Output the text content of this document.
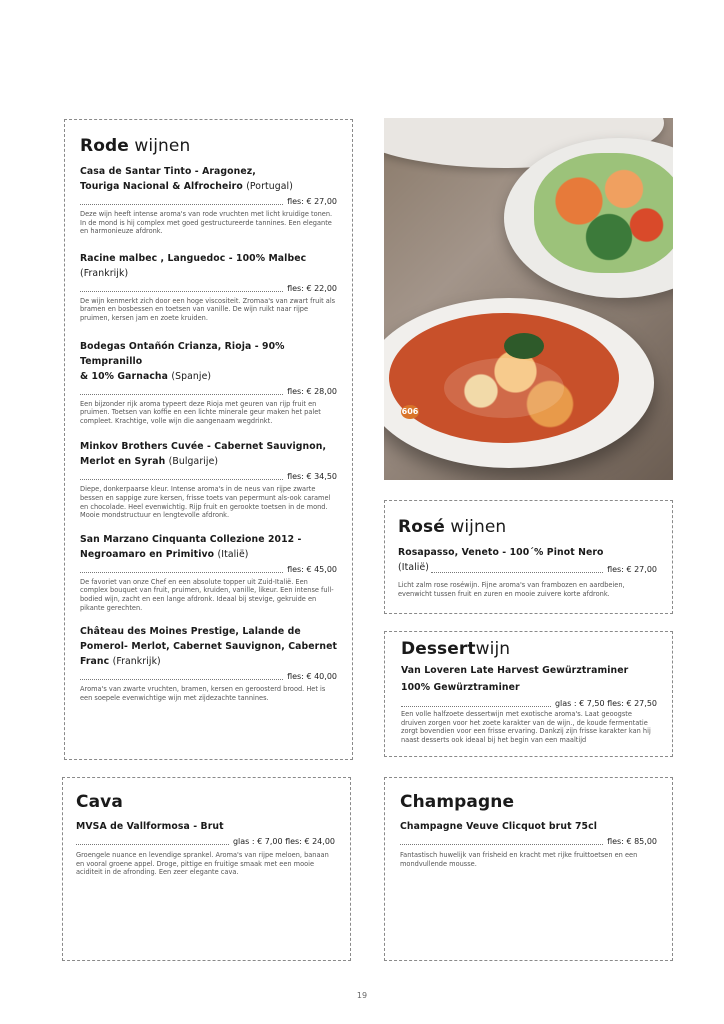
Rode wijnen
Casa de Santar Tinto - Aragonez,
Touriga Nacional & Alfrocheiro (Portugal)
fles: € 27,00
Deze wijn heeft intense aroma's van rode vruchten met licht kruidige tonen. In de mond is hij complex met goed gestructureerde tannines. Een elegante en harmonieuze afdronk.
Racine malbec , Languedoc - 100% Malbec
(Frankrijk)
fles: € 22,00
De wijn kenmerkt zich door een hoge viscositeit. Zromaa's van zwart fruit als bramen en bosbessen en toetsen van vanille. De wijn ruikt naar rijpe pruimen, kersen jam en zoete kruiden.
Bodegas Ontañón Crianza, Rioja - 90% Tempranillo
& 10% Garnacha (Spanje)
fles: € 28,00
Een bijzonder rijk aroma typeert deze Rioja met geuren van rijp fruit en pruimen. Toetsen van koffie en een lichte minerale geur maken het palet compleet. Krachtige, volle wijn die aangenaam wegdrinkt.
Minkov Brothers Cuvée - Cabernet Sauvignon,
Merlot en Syrah (Bulgarije)
fles: € 34,50
Diepe, donkerpaarse kleur. Intense aroma's in de neus van rijpe zwarte bessen en sappige zure kersen, frisse toets van pepermunt als-ook caramel en chocolade. Heel evenwichtig. Rijp fruit en gerookte toetsen in de mond. Mooie mondstructuur en lengtevolle afdronk.
San Marzano Cinquanta Collezione 2012 -
Negroamaro en Primitivo (Italië)
fles: € 45,00
De favoriet van onze Chef en een absolute topper uit Zuid-Italië. Een complex bouquet van fruit, pruimen, kruiden, vanille, likeur. Een intense full-bodied wijn, zacht en een lange afdronk. Ideaal bij stevige, gekruide en pikante gerechten.
Château des Moines Prestige, Lalande de
Pomerol- Merlot, Cabernet Sauvignon, Cabernet
Franc (Frankrijk)
fles: € 40,00
Aroma's van zwarte vruchten, bramen, kersen en geroosterd brood. Het is een soepele evenwichtige wijn met zijdezachte tannines.
606
Rosé wijnen
Rosapasso, Veneto - 100´% Pinot Nero
(Italië)	fles: € 27,00
Licht zalm rose roséwijn. Fijne aroma's van frambozen en aardbeien, evenwicht tussen fruit en zuren en mooie zuivere korte afdronk.
Dessertwijn
Van Loveren Late Harvest Gewürztraminer
100% Gewürztraminer
glas : € 7,50 fles: € 27,50
Een volle halfzoete dessertwijn met exotische aroma's. Laat geoogste druiven zorgen voor het zoete karakter van de wijn., de koude fermentatie zorgt bovendien voor een frisse ervaring. Dankzij zijn frisse karakter kan hij naast desserts ook ideaal bij het begin van een maaltijd
Cava
MVSA de Vallformosa - Brut
glas : € 7,00 fles: € 24,00
Groengele nuance en levendige sprankel. Aroma's van rijpe meloen, banaan en vooral groene appel. Droge, pittige en fruitige smaak met een mooie aciditeit in de afronding. Een zeer elegante cava.
Champagne
Champagne Veuve Clicquot brut 75cl
fles: € 85,00
Fantastisch huwelijk van frisheid en kracht met rijke fruittoetsen en een mondvullende mousse.
19
